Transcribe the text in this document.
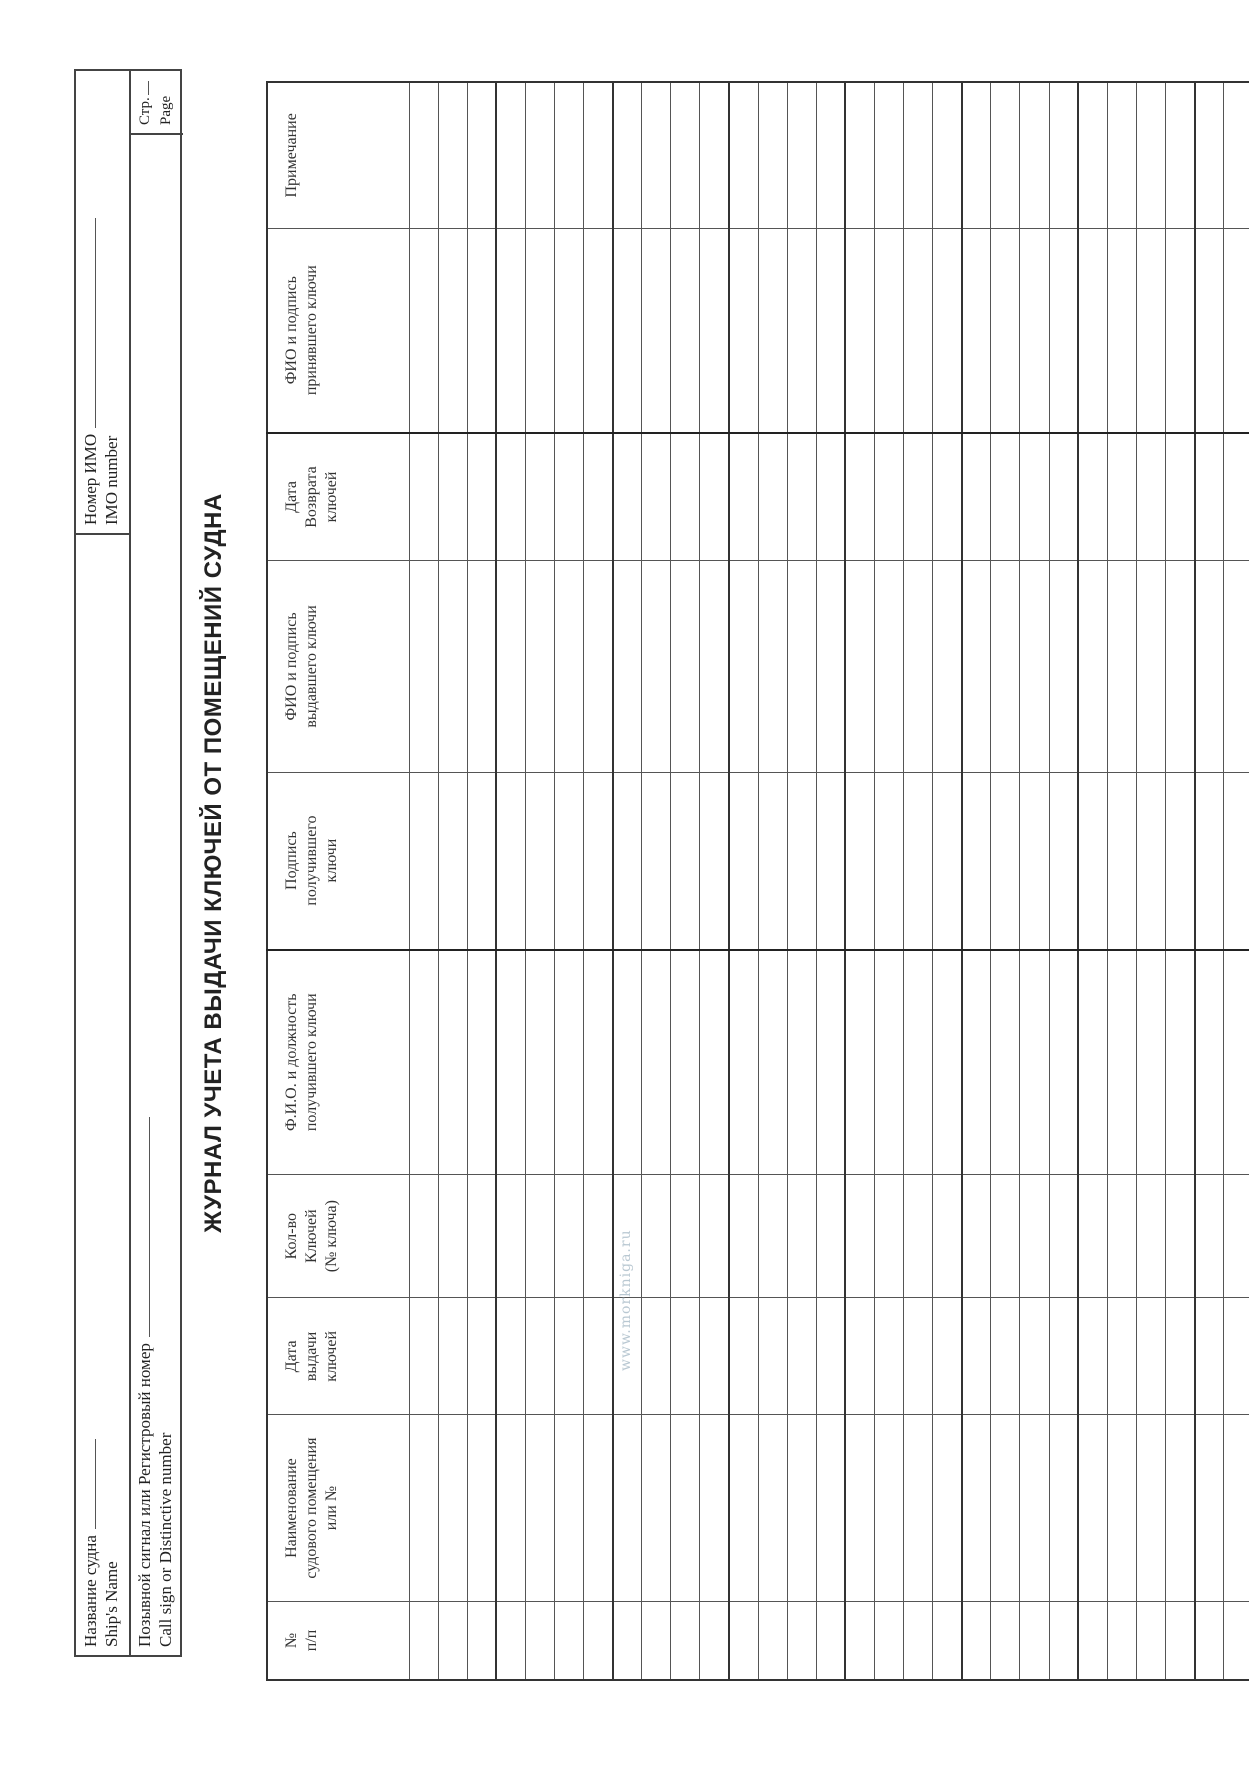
Название судна Ship's Name
Номер ИМО IMO number
Позывной сигнал или Регистровый номер Call sign or Distinctive number
Стр. Page
ЖУРНАЛ УЧЕТА ВЫДАЧИ КЛЮЧЕЙ ОТ ПОМЕЩЕНИЙ СУДНА
№ п/п	Наименование судового помещения или №	Дата выдачи ключей	Кол-во Ключей (№ ключа)	Ф.И.О. и должность получившего ключи	Подпись получившего ключи	ФИО и подпись выдавшего ключи	Дата Возврата ключей	ФИО и подпись принявшего ключи	Примечание

www.morkniga.ru
